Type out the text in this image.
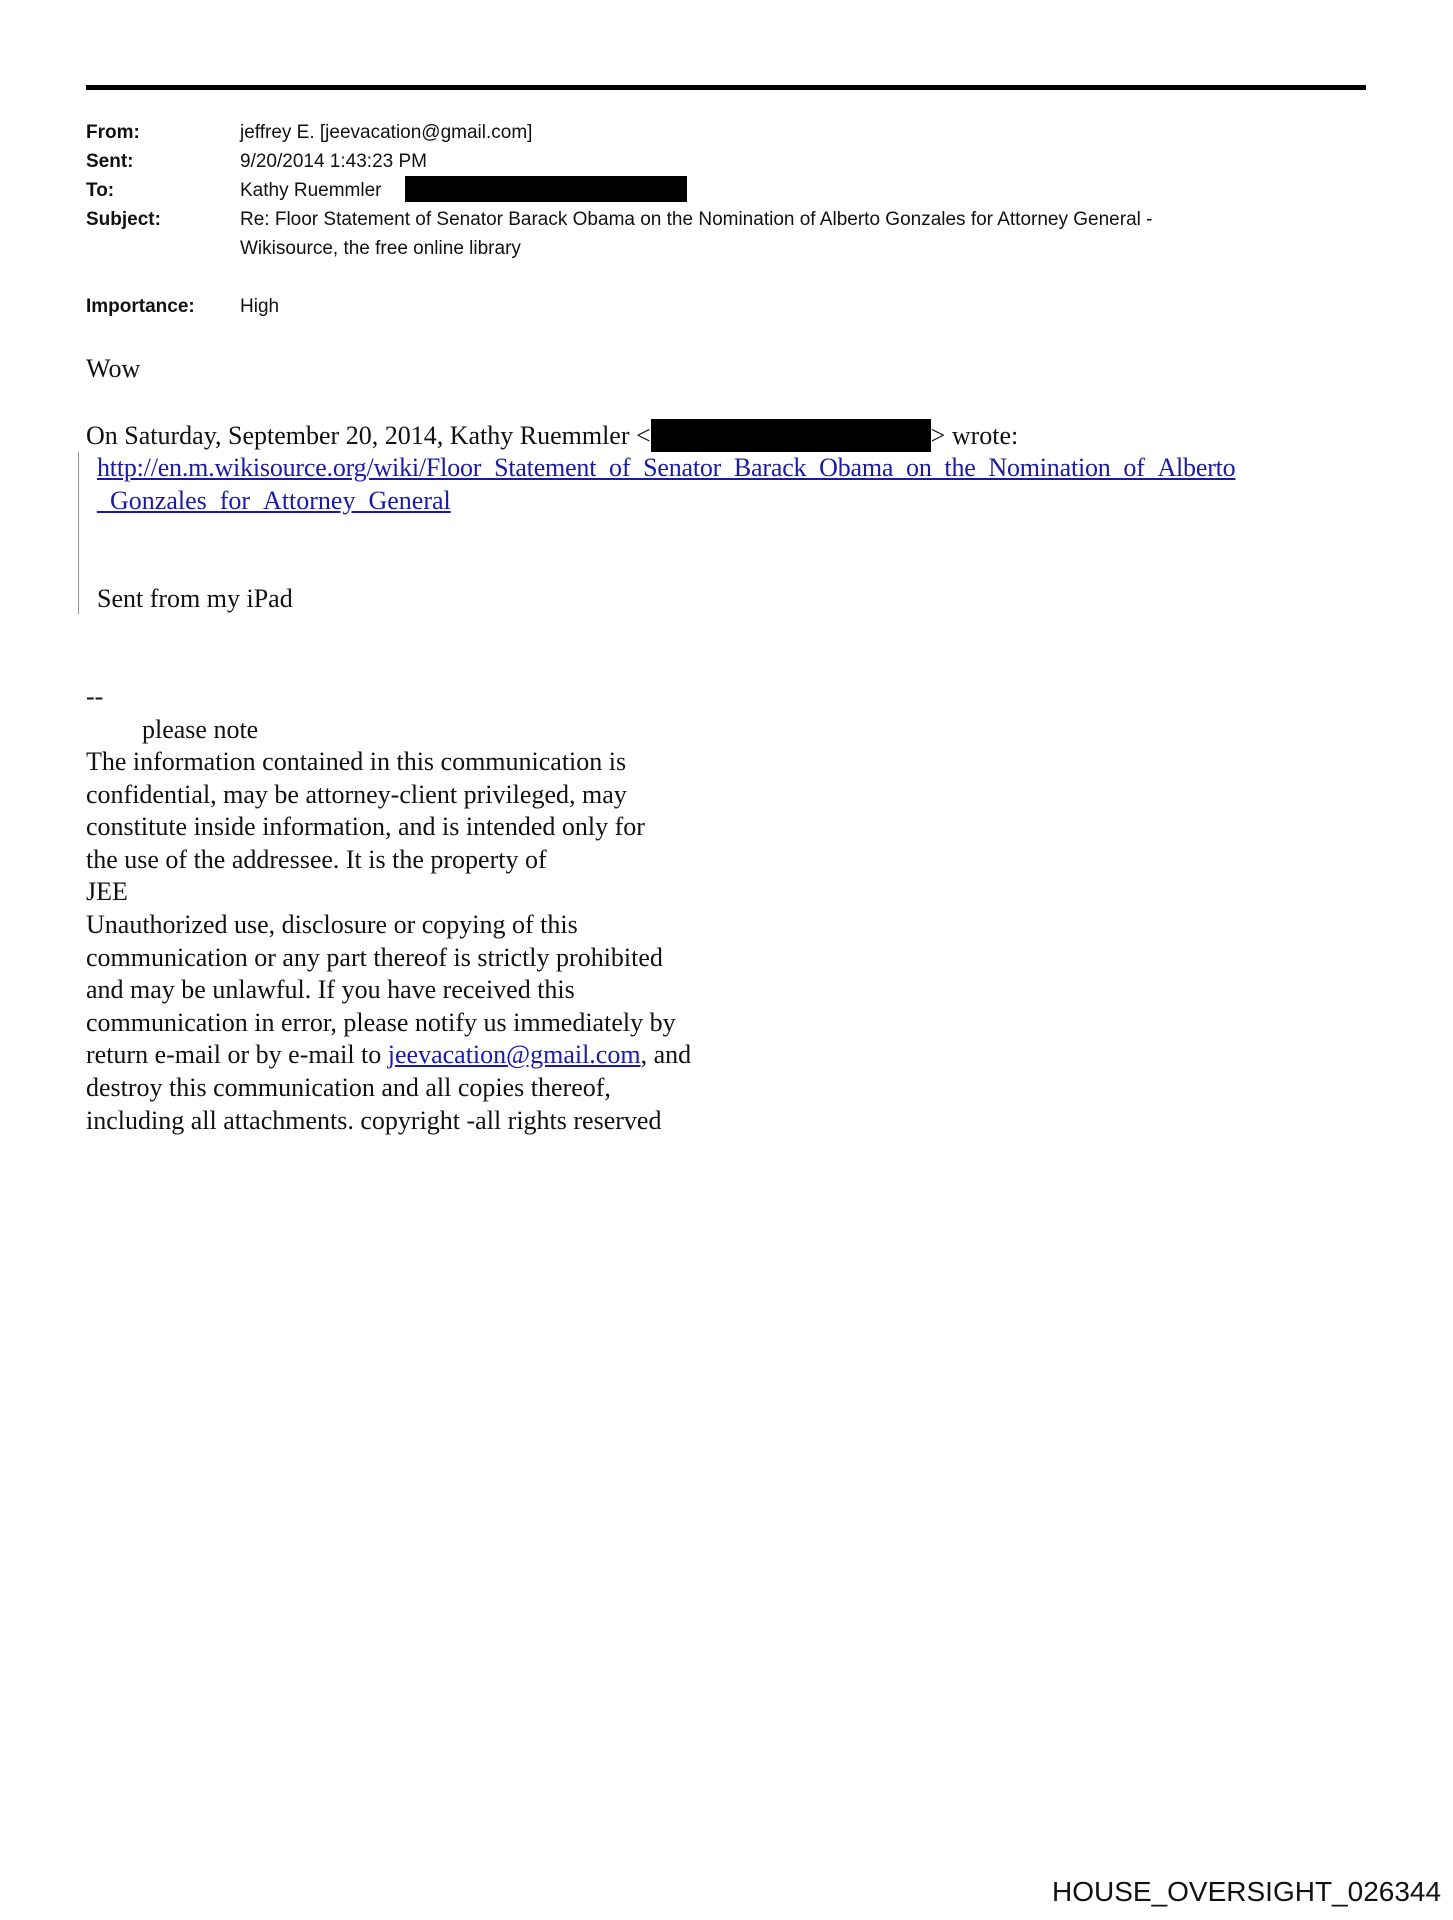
From:	jeffrey E. [jeevacation@gmail.com]
Sent:	9/20/2014 1:43:23 PM
To:	Kathy Ruemmler
Subject:	Re: Floor Statement of Senator Barack Obama on the Nomination of Alberto Gonzales for Attorney General -
Wikisource, the free online library
Importance: High
Wow
On Saturday, September 20, 2014, Kathy Ruemmler <	> wrote:
http://en.m.wikisource.org/wiki/Floor_Statement_of_Senator_Barack_Obama_on_the_Nomination_of_Alberto
_Gonzales_for_Attorney_General
Sent from my iPad
--
please note
The information contained in this communication is
confidential, may be attorney-client privileged, may
constitute inside information, and is intended only for
the use of the addressee. It is the property of
JEE
Unauthorized use, disclosure or copying of this
communication or any part thereof is strictly prohibited
and may be unlawful. If you have received this
communication in error, please notify us immediately by
return e-mail or by e-mail to jeevacation@gmail.com, and
destroy this communication and all copies thereof,
including all attachments. copyright -all rights reserved
HOUSE_OVERSIGHT_026344
